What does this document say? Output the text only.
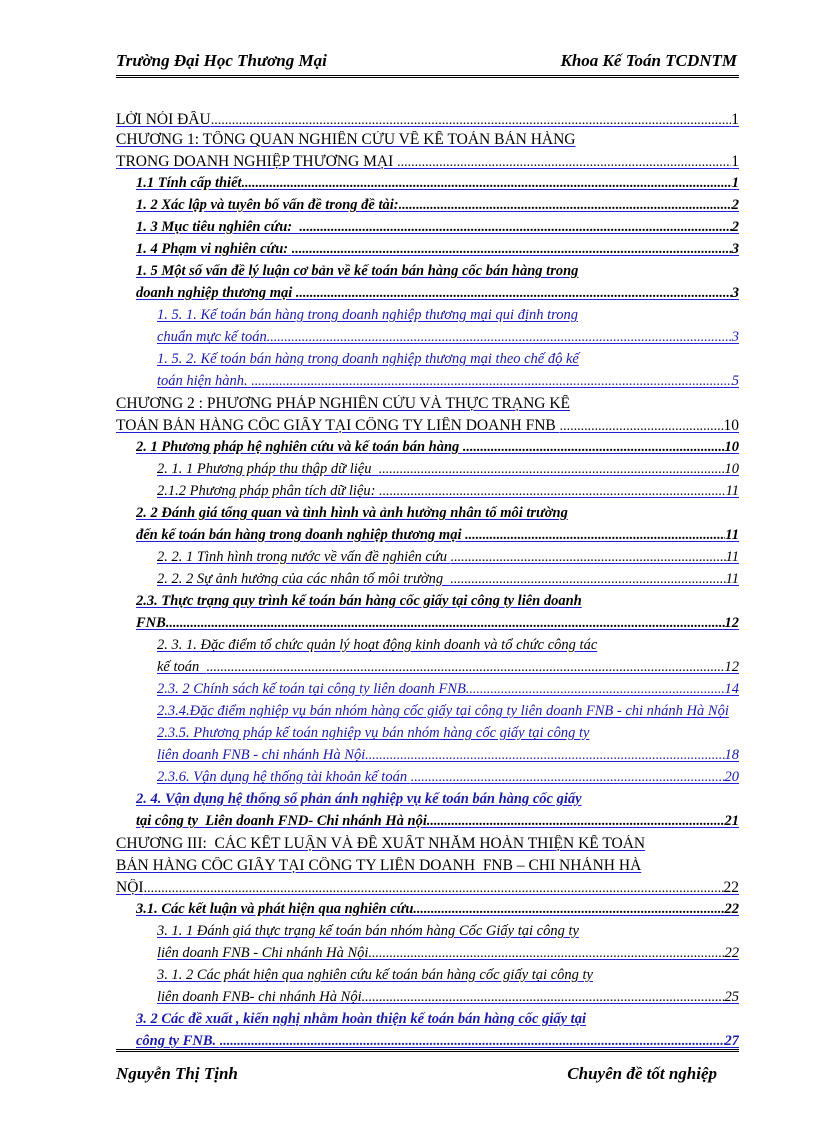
Trường Đại Học Thương Mại	Khoa Kế Toán TCDNTM
LỜI NÓI ĐẦU .....	1
CHƯƠNG 1: TỔNG QUAN NGHIÊN CỨU VỀ KẾ TOÁN BÁN HÀNG
TRONG DOANH NGHIỆP THƯƠNG MẠI .....	1
1.1 Tính cấp thiết .....	1
1. 2 Xác lập và tuyên bố vấn đề trong đề tài: .....	2
1. 3 Mục tiêu nghiên cứu: .....	2
1. 4 Phạm vi nghiên cứu: .....	3
1. 5 Một số vấn đề lý luận cơ bản về kế toán bán hàng cốc bán hàng trong
doanh nghiệp thương mại .....	3
1. 5. 1. Kế toán bán hàng trong doanh nghiệp thương mại qui định trong
chuẩn mực kế toán .....	3
1. 5. 2. Kế toán bán hàng trong doanh nghiệp thương mại theo chế độ kế
toán hiện hành. .....	5
CHƯƠNG 2 : PHƯƠNG PHÁP NGHIÊN CỨU VÀ THỰC TRẠNG KẾ
TOÁN BÁN HÀNG CỐC GIẤY TẠI CÔNG TY LIÊN DOANH FNB .....	10
2. 1 Phương pháp hệ nghiên cứu và kế toán bán hàng .....	10
2. 1. 1 Phương pháp thu thập dữ liệu .....	10
2.1.2 Phương pháp phân tích dữ liệu: .....	11
2. 2 Đánh giá tổng quan và tình hình và ảnh hưởng nhân tố môi trường
đến kế toán bán hàng trong doanh nghiệp thương mại .....	11
2. 2. 1 Tình hình trong nước về vấn đề nghiên cứu .....	11
2. 2. 2 Sự ảnh hưởng của các nhân tố môi trường .....	11
2.3. Thực trạng quy trình kế toán bán hàng cốc giấy tại công ty liên doanh
FNB .....	12
2. 3. 1. Đặc điểm tổ chức quản lý hoạt động kinh doanh và tổ chức công tác
kế toán .....	12
2.3. 2 Chính sách kế toán tại công ty liên doanh FNB .....	14
2.3.4.Đặc điểm nghiệp vụ bán nhóm hàng cốc giấy tại công ty liên doanh FNB - chi nhánh Hà Nội
2.3.5. Phương pháp kế toán nghiệp vụ bán nhóm hàng cốc giấy tại công ty
liên doanh FNB - chi nhánh Hà Nội .....	18
2.3.6. Vận dụng hệ thống tài khoản kế toán .....	20
2. 4. Vận dụng hệ thống sổ phản ánh nghiệp vụ kế toán bán hàng cốc giấy
tại công ty  Liên doanh FND- Chi nhánh Hà nội .....	21
CHƯƠNG III:  CÁC KẾT LUẬN VÀ ĐỀ XUẤT NHẰM HOÀN THIỆN KẾ TOÁN
BÁN HÀNG CỐC GIẤY TẠI CÔNG TY LIÊN DOANH  FNB – CHI NHÁNH HÀ
NỘI .....	22
3.1. Các kết luận và phát hiện qua nghiên cứu .....	22
3. 1. 1 Đánh giá thực trạng kế toán bán nhóm hàng Cốc Giấy tại công ty
liên doanh FNB - Chi nhánh Hà Nội .....	22
3. 1. 2 Các phát hiện qua nghiên cứu kế toán bán hàng cốc giấy tại công ty
liên doanh FNB- chi nhánh Hà Nội .....	25
3. 2 Các đề xuất , kiến nghị nhằm hoàn thiện kế toán bán hàng cốc giấy tại
công ty FNB. .....	27
Nguyễn Thị Tịnh	Chuyên đề tốt nghiệp
